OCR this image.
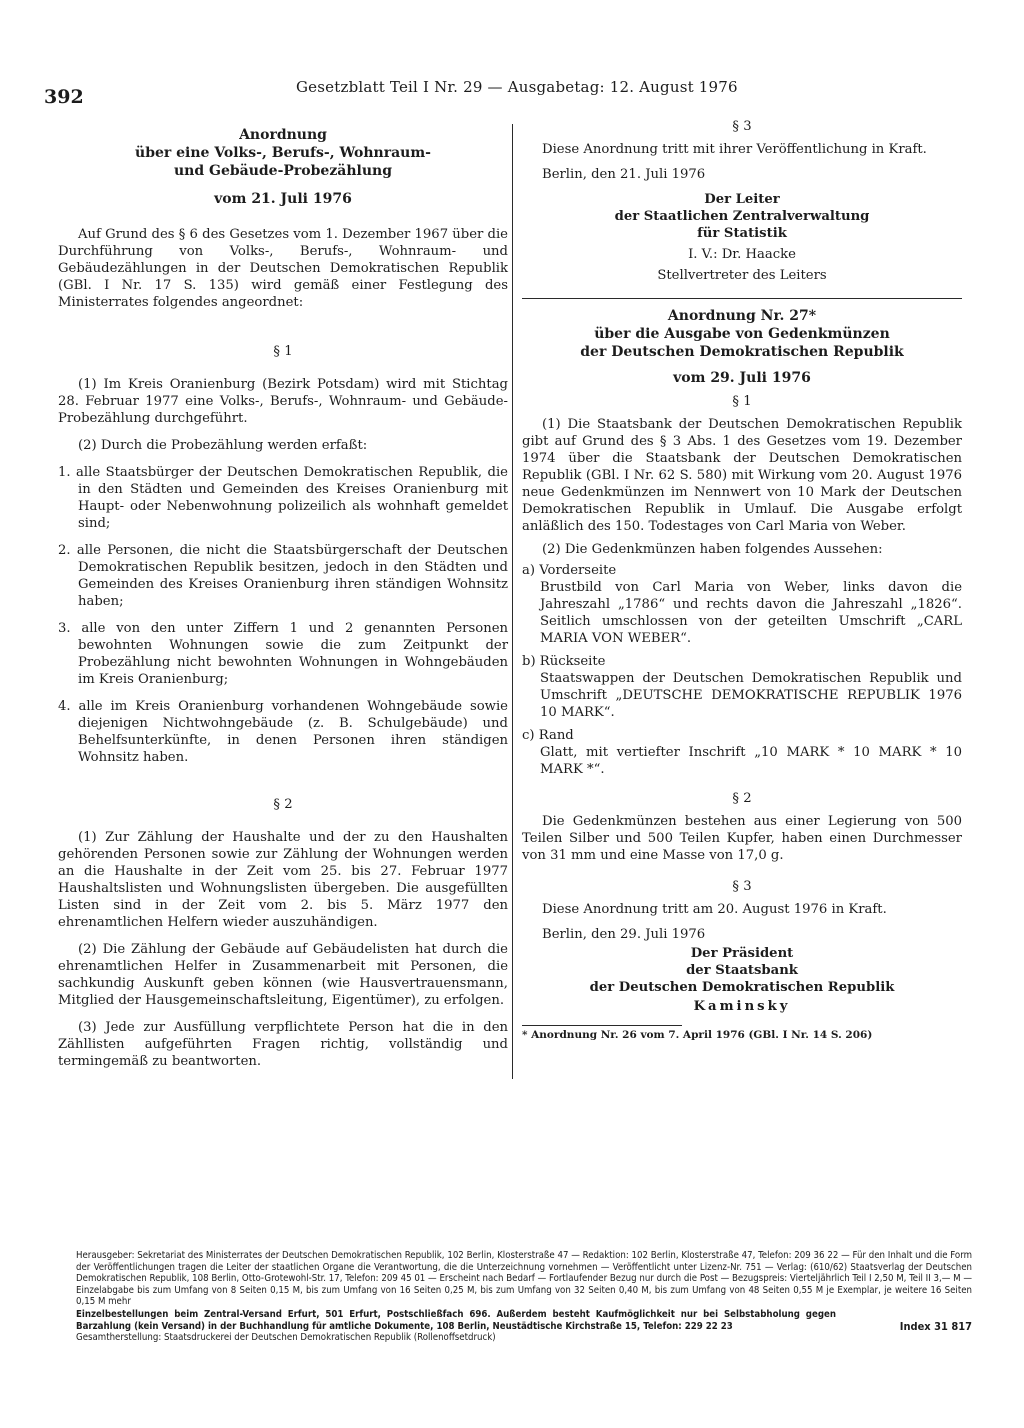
392	Gesetzblatt Teil I Nr. 29 — Ausgabetag: 12. August 1976
Anordnung
über eine Volks-, Berufs-, Wohnraum-
und Gebäude-Probezählung
vom 21. Juli 1976

Auf Grund des § 6 des Gesetzes vom 1. Dezember 1967 über die Durchführung von Volks-, Berufs-, Wohnraum- und Gebäudezählungen in der Deutschen Demokratischen Republik (GBl. I Nr. 17 S. 135) wird gemäß einer Festlegung des Ministerrates folgendes angeordnet:

§ 1

(1) Im Kreis Oranienburg (Bezirk Potsdam) wird mit Stichtag 28. Februar 1977 eine Volks-, Berufs-, Wohnraum- und Gebäude-Probezählung durchgeführt.

(2) Durch die Probezählung werden erfaßt:

1. alle Staatsbürger der Deutschen Demokratischen Republik, die in den Städten und Gemeinden des Kreises Oranienburg mit Haupt- oder Nebenwohnung polizeilich als wohnhaft gemeldet sind;

2. alle Personen, die nicht die Staatsbürgerschaft der Deutschen Demokratischen Republik besitzen, jedoch in den Städten und Gemeinden des Kreises Oranienburg ihren ständigen Wohnsitz haben;

3. alle von den unter Ziffern 1 und 2 genannten Personen bewohnten Wohnungen sowie die zum Zeitpunkt der Probezählung nicht bewohnten Wohnungen in Wohngebäuden im Kreis Oranienburg;

4. alle im Kreis Oranienburg vorhandenen Wohngebäude sowie diejenigen Nichtwohngebäude (z. B. Schulgebäude) und Behelfsunterkünfte, in denen Personen ihren ständigen Wohnsitz haben.

§ 2

(1) Zur Zählung der Haushalte und der zu den Haushalten gehörenden Personen sowie zur Zählung der Wohnungen werden an die Haushalte in der Zeit vom 25. bis 27. Februar 1977 Haushaltslisten und Wohnungslisten übergeben. Die ausgefüllten Listen sind in der Zeit vom 2. bis 5. März 1977 den ehrenamtlichen Helfern wieder auszuhändigen.

(2) Die Zählung der Gebäude auf Gebäudelisten hat durch die ehrenamtlichen Helfer in Zusammenarbeit mit Personen, die sachkundig Auskunft geben können (wie Hausvertrauensmann, Mitglied der Hausgemeinschaftsleitung, Eigentümer), zu erfolgen.

(3) Jede zur Ausfüllung verpflichtete Person hat die in den Zähllisten aufgeführten Fragen richtig, vollständig und termingemäß zu beantworten.

§ 3

Diese Anordnung tritt mit ihrer Veröffentlichung in Kraft.

Berlin, den 21. Juli 1976

Der Leiter
der Staatlichen Zentralverwaltung
für Statistik
I. V.: Dr. Haacke
Stellvertreter des Leiters
Anordnung Nr. 27*
über die Ausgabe von Gedenkmünzen
der Deutschen Demokratischen Republik
vom 29. Juli 1976

§ 1

(1) Die Staatsbank der Deutschen Demokratischen Republik gibt auf Grund des § 3 Abs. 1 des Gesetzes vom 19. Dezember 1974 über die Staatsbank der Deutschen Demokratischen Republik (GBl. I Nr. 62 S. 580) mit Wirkung vom 20. August 1976 neue Gedenkmünzen im Nennwert von 10 Mark der Deutschen Demokratischen Republik in Umlauf. Die Ausgabe erfolgt anläßlich des 150. Todestages von Carl Maria von Weber.

(2) Die Gedenkmünzen haben folgendes Aussehen:

a) Vorderseite

Brustbild von Carl Maria von Weber, links davon die Jahreszahl „1786“ und rechts davon die Jahreszahl „1826“. Seitlich umschlossen von der geteilten Umschrift „CARL MARIA VON WEBER“.

b) Rückseite

Staatswappen der Deutschen Demokratischen Republik und Umschrift „DEUTSCHE DEMOKRATISCHE REPUBLIK 1976 10 MARK“.

c) Rand

Glatt, mit vertiefter Inschrift „10 MARK * 10 MARK * 10 MARK *“.

§ 2

Die Gedenkmünzen bestehen aus einer Legierung von 500 Teilen Silber und 500 Teilen Kupfer, haben einen Durchmesser von 31 mm und eine Masse von 17,0 g.

§ 3

Diese Anordnung tritt am 20. August 1976 in Kraft.

Berlin, den 29. Juli 1976

Der Präsident
der Staatsbank
der Deutschen Demokratischen Republik
Kaminsky
* Anordnung Nr. 26 vom 7. April 1976 (GBl. I Nr. 14 S. 206)
Herausgeber: Sekretariat des Ministerrates der Deutschen Demokratischen Republik, 102 Berlin, Klosterstraße 47 — Redaktion: 102 Berlin, Klosterstraße 47, Telefon: 209 36 22 — Für den Inhalt und die Form der Veröffentlichungen tragen die Leiter der staatlichen Organe die Verantwortung, die die Unterzeichnung vornehmen — Veröffentlicht unter Lizenz-Nr. 751 — Verlag: (610/62) Staatsverlag der Deutschen Demokratischen Republik, 108 Berlin, Otto-Grotewohl-Str. 17, Telefon: 209 45 01 — Erscheint nach Bedarf — Fortlaufender Bezug nur durch die Post — Bezugspreis: Vierteljährlich Teil I 2,50 M, Teil II 3,— M — Einzelabgabe bis zum Umfang von 8 Seiten 0,15 M, bis zum Umfang von 16 Seiten 0,25 M, bis zum Umfang von 32 Seiten 0,40 M, bis zum Umfang von 48 Seiten 0,55 M je Exemplar, je weitere 16 Seiten 0,15 M mehr
Einzelbestellungen beim Zentral-Versand Erfurt, 501 Erfurt, Postschließfach 696. Außerdem besteht Kaufmöglichkeit nur bei Selbstabholung gegen Barzahlung (kein Versand) in der Buchhandlung für amtliche Dokumente, 108 Berlin, Neustädtische Kirchstraße 15, Telefon: 229 22 23	Index 31 817
Gesamtherstellung: Staatsdruckerei der Deutschen Demokratischen Republik (Rollenoffsetdruck)
